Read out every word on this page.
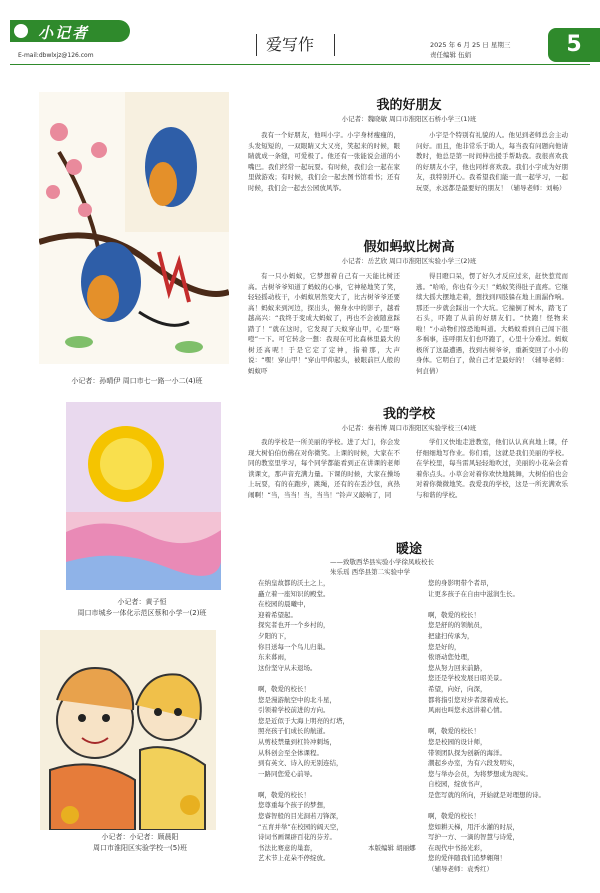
小记者
E-mail:dbwlxjz@126.com
爱写作	2025 年 6 月 25 日 星期三
责任编辑 伍娟	5
小记者：孙晴伊 周口市七一路一小二(4)班
小记者：黄子恒
周口市城乡一体化示范区蔡和小学一(2)班
小记者：小记者：顾晨阳
周口市淮阳区实验学校一(5)班
我的好朋友
小记者：魏晓敏 周口市淮阳区石桥小学三(1)班

我有一个好朋友，他叫小宇。小宇身材瘦瘦的，头发短短的，一双眼睛又大又亮，笑起来的时候，眼睛就成一条缝，可爱极了。他还有一张能说会道的小嘴巴。我们经常一起玩耍。有时候，我们会一起在家里做游戏；有时候，我们会一起去图书馆看书；还有时候，我们会一起去公园放风筝。

小宇是个特别有礼貌的人。他见到老师总会主动问好。而且，他非常乐于助人，每当我有问题向他请教时，他总是第一时间伸出援手帮助我。我很喜欢我的好朋友小宇，他也同样喜欢我。我们小宇成为好朋友，我特别开心。我希望我们能一直一起学习，一起玩耍，永远都是最要好的朋友！（辅导老师：刘畅）

假如蚂蚁比树高
小记者：岳艺欣 周口市淮阳区实验小学三(2)班

有一只小蚂蚁，它梦想着自己有一天能比树还高。古树爷爷知道了蚂蚁的心事，它神秘地笑了笑，轻轻摇动枝干，小蚂蚁居然变大了，比古树爷爷还要高！蚂蚁来到河边，探出头，俯身水中的影子，越看越高兴：“我终于变成大蚂蚁了，再也不会被随意踩踏了！”就在这时，它发现了天蚁穿山甲，心里“咯噔”一下。可它转念一想：我现在可比森林里最大的树还高呢！于是它定了定神，指着那，大声说：“嘿！穿山甲！”穿山甲仰起头，被眼前巨人般的蚂蚁吓

得目瞪口呆，愣了好久才反应过来，赶快惹荒而逃。“哈哈，你也有今天！”蚂蚁笑得肚子直疼。它继续大摇大摆地走着，想找到四肢躲在地上面漏作响。那还一步就会踩出一个大坑。它撞倒了树木，踏飞了石头，吓跑了从前的好朋友们。“快跑！怪物来啦！”小动物们惊恐地叫道。大蚂蚁看到自己闯下很多祸事，连呼朋友们也吓跑了，心里十分难过。蚂蚁极所了这最遭遇，找到古树爷爷，重新变回了小小的身体。它明白了，做自己才是最好的！（辅导老师：何貞倩）

我的学校
小记者：秦若博 周口市淮阳区实验学校三(4)班

我的学校是一所美丽的学校。进了大门，你会发现大树伯伯仿佛在对你微笑。上课的时候，大家在不同的教室里学习，每个同学都能看到正在讲课的老师读课文，那声音充满力量。下课的时候，大家在操场上玩耍，有的在跑步，跳绳，还有的在丢沙包，真热闹啊！“当，当当！当，当当！”铃声又敲响了，同

学们又快地走进教室，他们认认真真地上课，仔仔细细地写作业。你们看，这就是我们美丽的学校。在学校里，每当雷风轻轻地吹过，美丽的小花朵会看着你点头。小草会对着你欢快地跳舞，大树伯伯也会对着你微微地笑。我爱我的学校，这是一所充满欢乐与和谐的学校。

暖途
——致敬西华县实验小学徐凤岐校长
朱乐瑶 西华县第二实验中学

在纳皇故都的沃土之上，
矗立着一座知识的殿堂。
在校园的晨曦中，
迎着希望起。
探究者也开一个乡村的，
夕阳的下，
你目送每一个鸟儿归巢。
东来暮雨，
这份坚守从未退场。

啊，敬爱的校长！
您是漫游航空中的北斗星，
引领着学校前进的方向。
您是近似于大海上明亮的灯塔，
照亮孩子们成长的航道。
从剪枝禁量到杠铃冲刺场，
从科创会至全体课程。
到有英文、诗入的无别连结，
一路同您爱心前导。

啊，敬爱的校长！
您尊重每个孩子的梦想，
您睿智般的目光洞若刀锋深，
“五育并举”在校园的阔天空，
诗词书画课辟百花的芬芳。
书法比赛意的巢套，
艺术节上花朵不停绽放。

您的身影明带个者昂，
让更多孩子在自由中滋润生长。

啊，敬爱的校长！
您是舒的的领航员，
把建扫传承为，
您是好的，
侬语动您处理，
您从努力回来前路，
您还是学校发展日昭美景。
希望，向好，向深，
都将指引您对步者深着成长。
风雨也叫您永远讲着心情。

啊，敬爱的校长！
您是校园的设计师，
带领团队探为创新的海洋。
潮起乡办室，为有六段发明实，
您与举办会员，为将梦想成为现实。
自校园，绽放书声，
是您写就的所向，开始就是对理想的诗。

啊，敬爱的校长！
您如耕天梯，用汗水灌的时辰，
写护一方、一滴的智慧与诗爱，
在现代中书扬光彩，
您的爱伴随我们追梦翱翔！
（辅导老师：袁秀红）

本版编辑 胡丽娜
